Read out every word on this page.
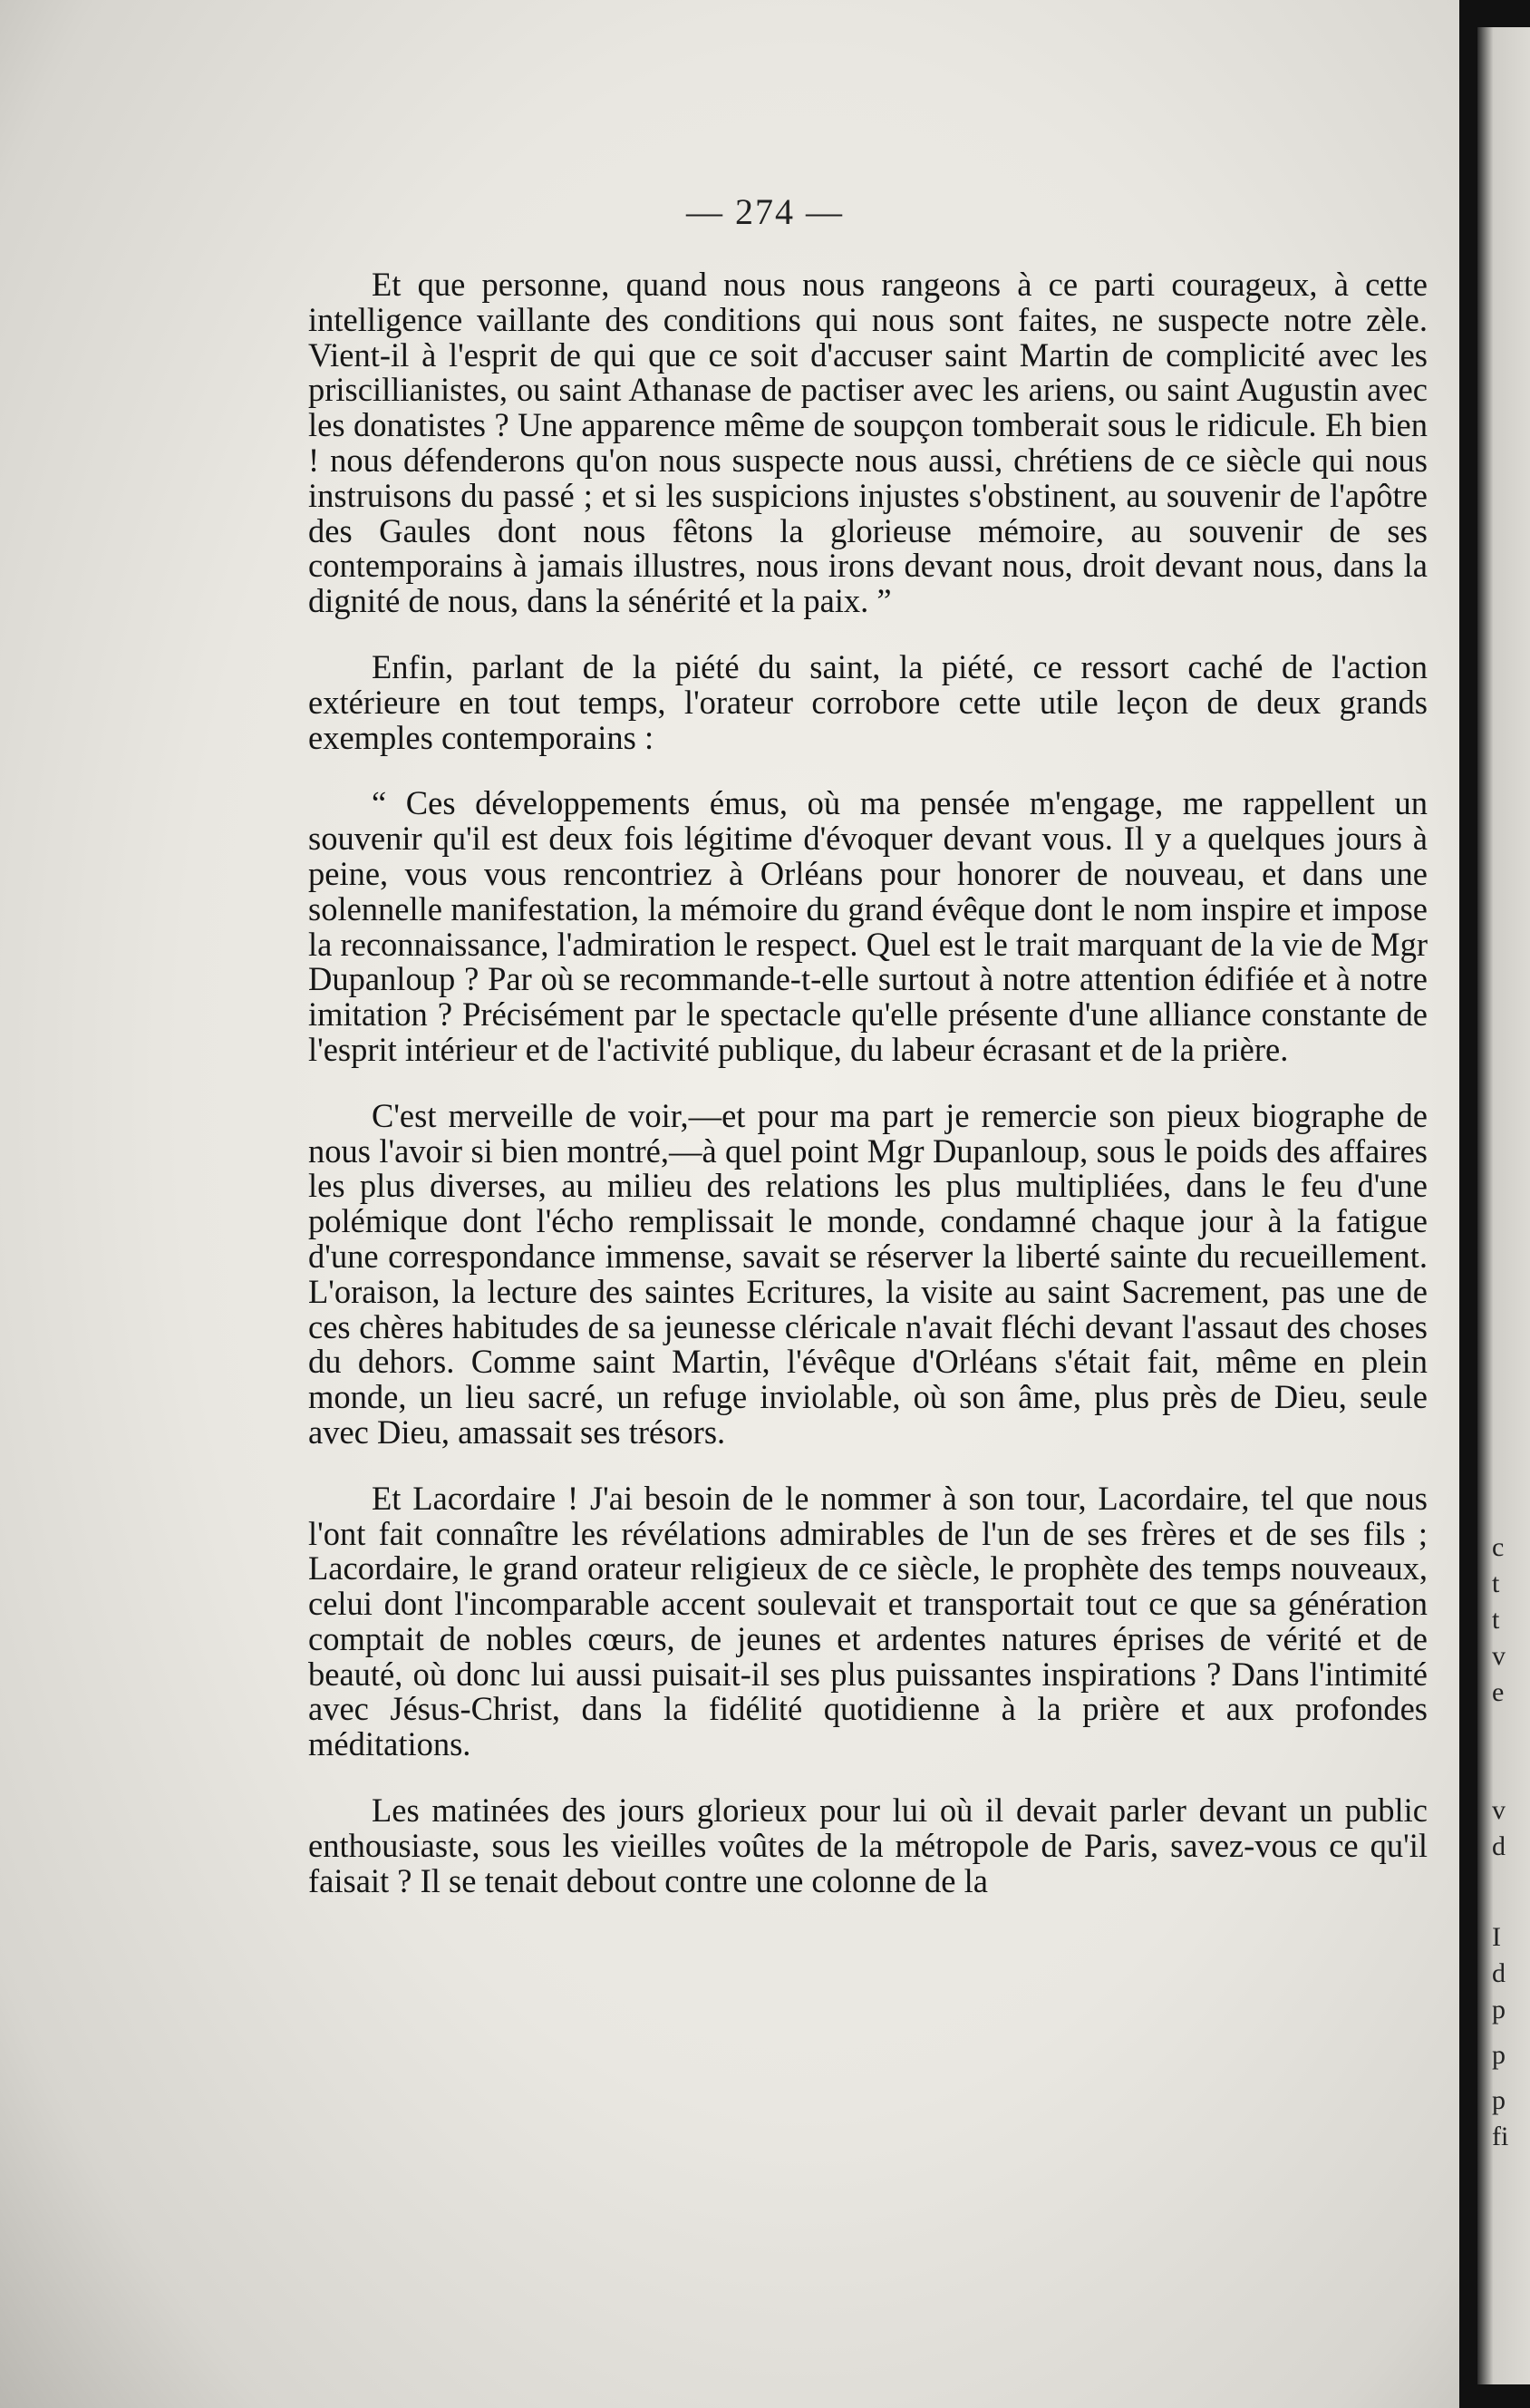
— 274 —

Et que personne, quand nous nous rangeons à ce parti courageux, à cette intelligence vaillante des conditions qui nous sont faites, ne suspecte notre zèle. Vient-il à l'esprit de qui que ce soit d'accuser saint Martin de complicité avec les priscillianistes, ou saint Athanase de pactiser avec les ariens, ou saint Augustin avec les donatistes ? Une apparence même de soupçon tomberait sous le ridicule. Eh bien ! nous défenderons qu'on nous suspecte nous aussi, chrétiens de ce siècle qui nous instruisons du passé ; et si les suspicions injustes s'obstinent, au souvenir de l'apôtre des Gaules dont nous fêtons la glorieuse mémoire, au souvenir de ses contemporains à jamais illustres, nous irons devant nous, droit devant nous, dans la dignité de nous, dans la sénérité et la paix. ”

Enfin, parlant de la piété du saint, la piété, ce ressort caché de l'action extérieure en tout temps, l'orateur corrobore cette utile leçon de deux grands exemples contemporains :

“ Ces développements émus, où ma pensée m'engage, me rappellent un souvenir qu'il est deux fois légitime d'évoquer devant vous. Il y a quelques jours à peine, vous vous rencontriez à Orléans pour honorer de nouveau, et dans une solennelle manifestation, la mémoire du grand évêque dont le nom inspire et impose la reconnaissance, l'admiration le respect. Quel est le trait marquant de la vie de Mgr Dupanloup ? Par où se recommande-t-elle surtout à notre attention édifiée et à notre imitation ? Précisément par le spectacle qu'elle présente d'une alliance constante de l'esprit intérieur et de l'activité publique, du labeur écrasant et de la prière.

C'est merveille de voir,—et pour ma part je remercie son pieux biographe de nous l'avoir si bien montré,—à quel point Mgr Dupanloup, sous le poids des affaires les plus diverses, au milieu des relations les plus multipliées, dans le feu d'une polémique dont l'écho remplissait le monde, condamné chaque jour à la fatigue d'une correspondance immense, savait se réserver la liberté sainte du recueillement. L'oraison, la lecture des saintes Ecritures, la visite au saint Sacrement, pas une de ces chères habitudes de sa jeunesse cléricale n'avait fléchi devant l'assaut des choses du dehors. Comme saint Martin, l'évêque d'Orléans s'était fait, même en plein monde, un lieu sacré, un refuge inviolable, où son âme, plus près de Dieu, seule avec Dieu, amassait ses trésors.

Et Lacordaire ! J'ai besoin de le nommer à son tour, Lacordaire, tel que nous l'ont fait connaître les révélations admirables de l'un de ses frères et de ses fils ; Lacordaire, le grand orateur religieux de ce siècle, le prophète des temps nouveaux, celui dont l'incomparable accent soulevait et transportait tout ce que sa génération comptait de nobles cœurs, de jeunes et ardentes natures éprises de vérité et de beauté, où donc lui aussi puisait-il ses plus puissantes inspirations ? Dans l'intimité avec Jésus-Christ, dans la fidélité quotidienne à la prière et aux profondes méditations.

Les matinées des jours glorieux pour lui où il devait parler devant un public enthousiaste, sous les vieilles voûtes de la métropole de Paris, savez-vous ce qu'il faisait ? Il se tenait debout contre une colonne de la

c
t
t
v
e
v
d
I
d
p
p
p
fi
